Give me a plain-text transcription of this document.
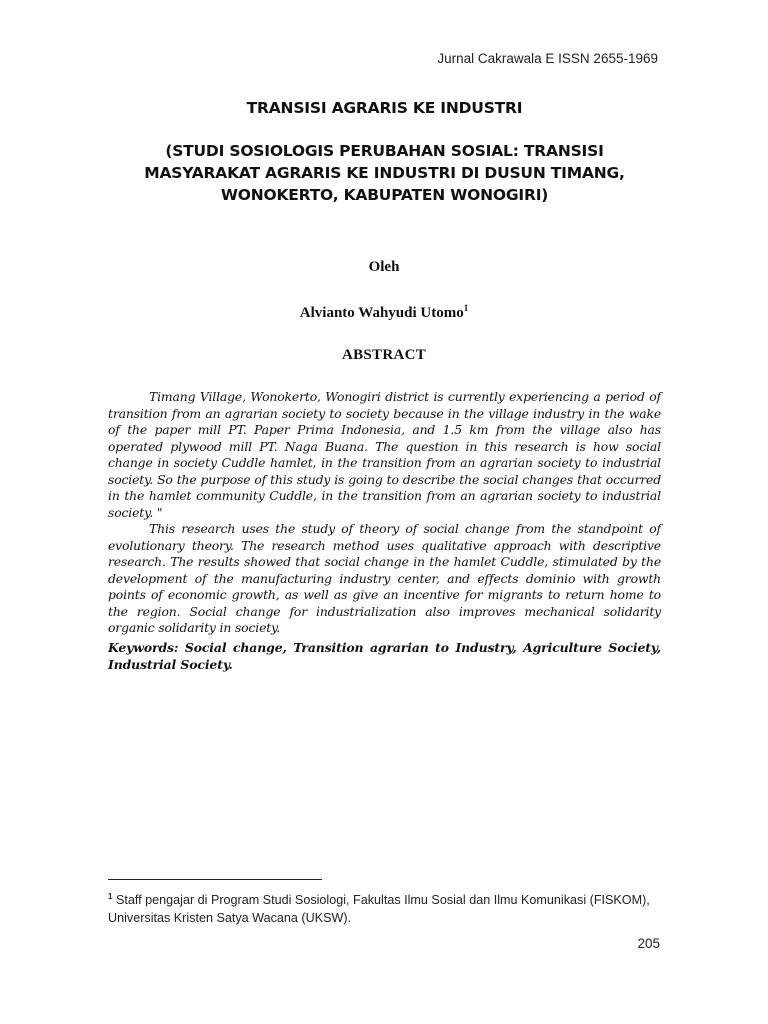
Jurnal Cakrawala E ISSN 2655-1969
TRANSISI AGRARIS KE INDUSTRI
(STUDI SOSIOLOGIS PERUBAHAN SOSIAL: TRANSISI MASYARAKAT AGRARIS KE INDUSTRI DI DUSUN TIMANG, WONOKERTO, KABUPATEN WONOGIRI)
Oleh
Alvianto Wahyudi Utomo$^1$
ABSTRACT

Timang Village, Wonokerto, Wonogiri district is currently experiencing a period of transition from an agrarian society to society because in the village industry in the wake of the paper mill PT. Paper Prima Indonesia, and 1.5 km from the village also has operated plywood mill PT. Naga Buana. The question in this research is how social change in society Cuddle hamlet, in the transition from an agrarian society to industrial society. So the purpose of this study is going to describe the social changes that occurred in the hamlet community Cuddle, in the transition from an agrarian society to industrial society. "

This research uses the study of theory of social change from the standpoint of evolutionary theory. The research method uses qualitative approach with descriptive research. The results showed that social change in the hamlet Cuddle, stimulated by the development of the manufacturing industry center, and effects dominio with growth points of economic growth, as well as give an incentive for migrants to return home to the region. Social change for industrialization also improves mechanical solidarity organic solidarity in society.

Keywords: Social change, Transition agrarian to Industry, Agriculture Society, Industrial Society.
$^1$ Staff pengajar di Program Studi Sosiologi, Fakultas Ilmu Sosial dan Ilmu Komunikasi (FISKOM), Universitas Kristen Satya Wacana (UKSW).
205
